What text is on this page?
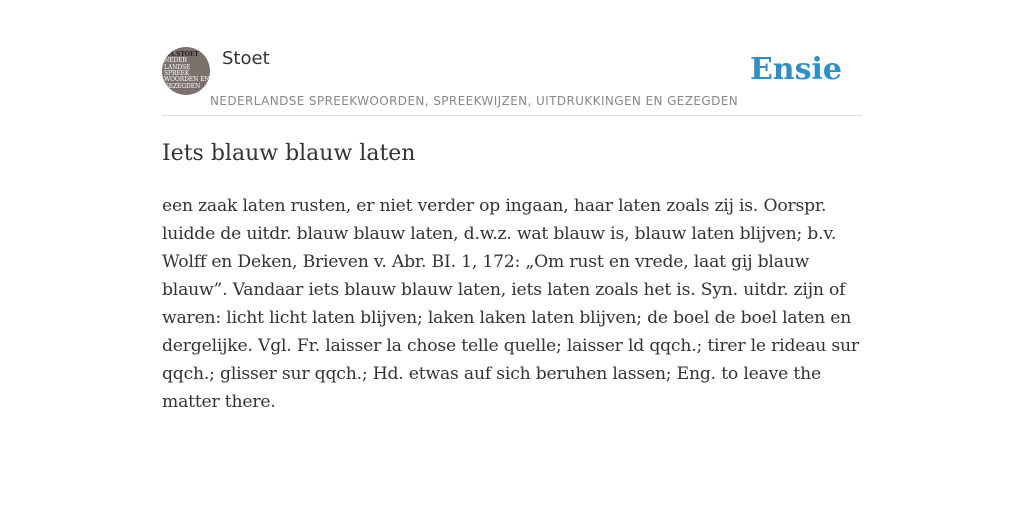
F.A.STOET
NEDER
LANDSE
SPREEK
WOORDEN EN
GEZEGDEN
Stoet
NEDERLANDSE SPREEKWOORDEN, SPREEKWIJZEN, UITDRUKKINGEN EN GEZEGDEN
Ensie
Iets blauw blauw laten

een zaak laten rusten, er niet verder op ingaan, haar laten zoals zij is. Oorspr. luidde de uitdr. blauw blauw laten, d.w.z. wat blauw is, blauw laten blijven; b.v. Wolff en Deken, Brieven v. Abr. BI. 1, 172: „Om rust en vrede, laat gij blauw blauw”. Vandaar iets blauw blauw laten, iets laten zoals het is. Syn. uitdr. zijn of waren: licht licht laten blijven; laken laken laten blijven; de boel de boel laten en dergelijke. Vgl. Fr. laisser la chose telle quelle; laisser ld qqch.; tirer le rideau sur qqch.; glisser sur qqch.; Hd. etwas auf sich beruhen lassen; Eng. to leave the matter there.
